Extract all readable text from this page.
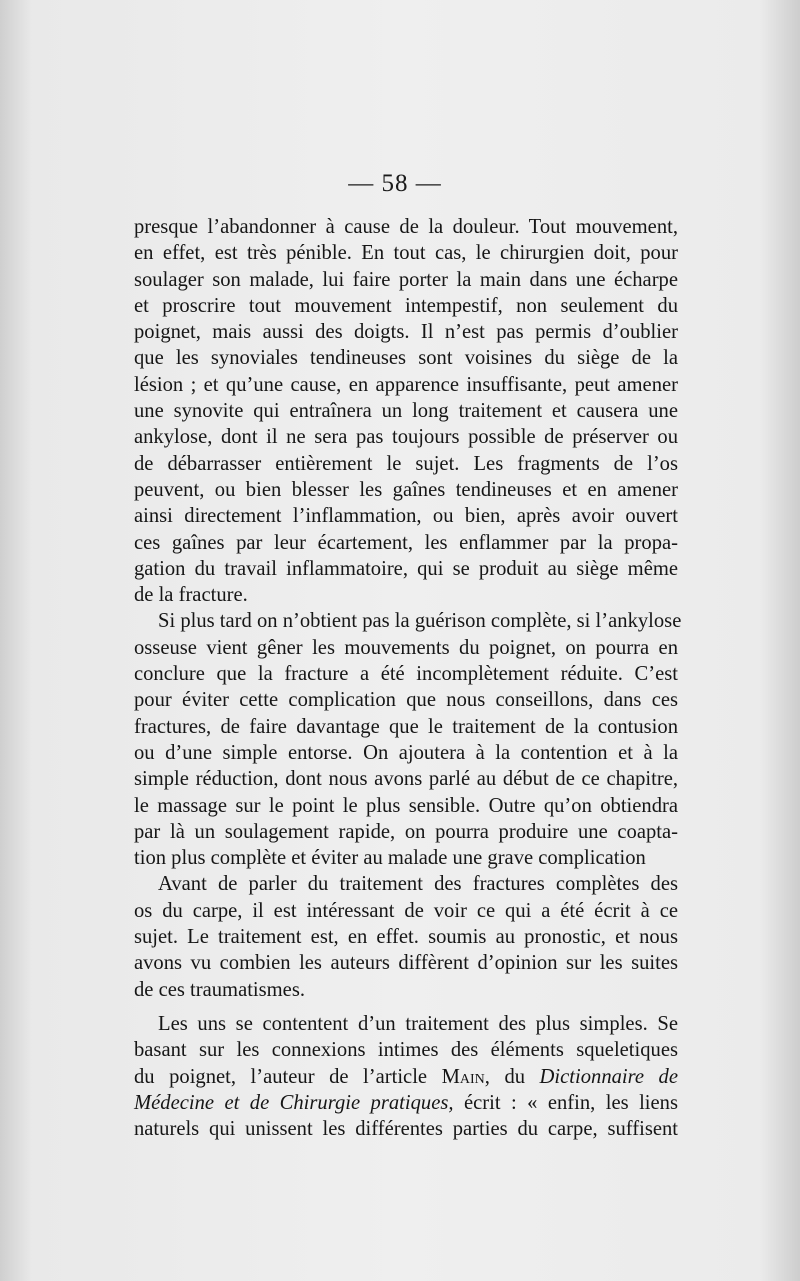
— 58 —
presque l’abandonner à cause de la douleur. Tout mouvement,
en effet, est très pénible. En tout cas, le chirurgien doit, pour
soulager son malade, lui faire porter la main dans une écharpe
et proscrire tout mouvement intempestif, non seulement du
poignet, mais aussi des doigts. Il n’est pas permis d’oublier
que les synoviales tendineuses sont voisines du siège de la
lésion ; et qu’une cause, en apparence insuffisante, peut amener
une synovite qui entraînera un long traitement et causera une
ankylose, dont il ne sera pas toujours possible de préserver ou
de débarrasser entièrement le sujet. Les fragments de l’os
peuvent, ou bien blesser les gaînes tendineuses et en amener
ainsi directement l’inflammation, ou bien, après avoir ouvert
ces gaînes par leur écartement, les enflammer par la propa-
gation du travail inflammatoire, qui se produit au siège même
de la fracture.
Si plus tard on n’obtient pas la guérison complète, si l’ankylose
osseuse vient gêner les mouvements du poignet, on pourra en
conclure que la fracture a été incomplètement réduite. C’est
pour éviter cette complication que nous conseillons, dans ces
fractures, de faire davantage que le traitement de la contusion
ou d’une simple entorse. On ajoutera à la contention et à la
simple réduction, dont nous avons parlé au début de ce chapitre,
le massage sur le point le plus sensible. Outre qu’on obtiendra
par là un soulagement rapide, on pourra produire une coapta-
tion plus complète et éviter au malade une grave complication
Avant de parler du traitement des fractures complètes des
os du carpe, il est intéressant de voir ce qui a été écrit à ce
sujet. Le traitement est, en effet. soumis au pronostic, et nous
avons vu combien les auteurs diffèrent d’opinion sur les suites
de ces traumatismes.
Les uns se contentent d’un traitement des plus simples. Se
basant sur les connexions intimes des éléments squeletiques
du poignet, l’auteur de l’article Main, du Dictionnaire de
Médecine et de Chirurgie pratiques, écrit : « enfin, les liens
naturels qui unissent les différentes parties du carpe, suffisent
